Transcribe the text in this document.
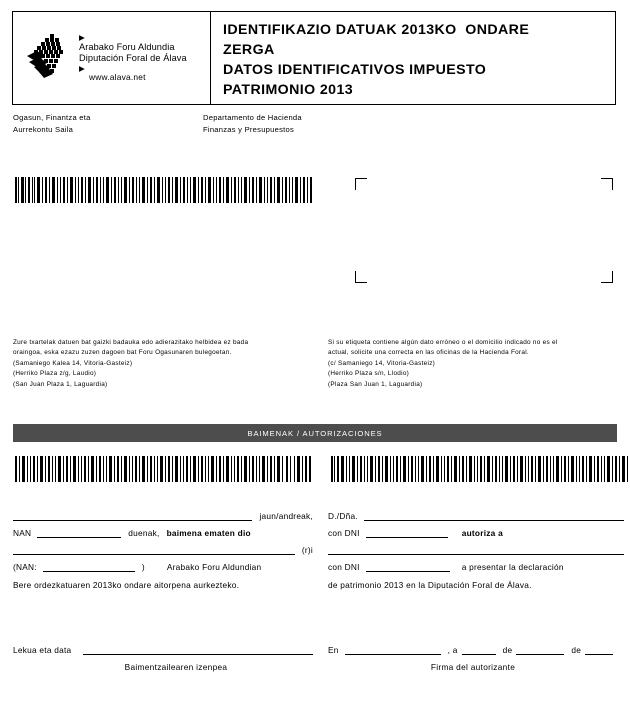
▶
Arabako Foru Aldundia
Diputación Foral de Álava
▶
www.alava.net
IDENTIFIKAZIO DATUAK 2013KO  ONDARE
ZERGA
DATOS IDENTIFICATIVOS IMPUESTO
PATRIMONIO 2013
Ogasun, Finantza eta
Aurrekontu Saila
Departamento de Hacienda
Finanzas y Presupuestos

Zure txartelak datuen bat gaizki badauka edo adierazitako helbidea ez bada
oraingoa, eska ezazu zuzen dagoen bat Foru Ogasunaren bulegoetan.
(Samaniego Kalea 14, Vitoria-Gasteiz)
(Herriko Plaza z/g, Laudio)
(San Juan Plaza 1, Laguardia)
Si su etiqueta contiene algún dato erróneo o el domicilio indicado no es el
actual, solicite una correcta en las oficinas de la Hacienda Foral.
(c/ Samaniego 14, Vitoria-Gasteiz)
(Herriko Plaza s/n, Llodio)
(Plaza San Juan 1, Laguardia)
BAIMENAK / AUTORIZACIONES
jaun/andreak,
NAN	duenak, baimena ematen dio
(r)i
(NAN:	)	Arabako Foru Aldundian
Bere ordezkatuaren 2013ko ondare aitorpena aurkezteko.
D./Dña.
con DNI	autoriza a
con DNI	a presentar la declaración
de patrimonio 2013 en la Diputación Foral de Álava.
Lekua eta data
Baimentzailearen izenpea
En	, a	de	de
Firma del autorizante
